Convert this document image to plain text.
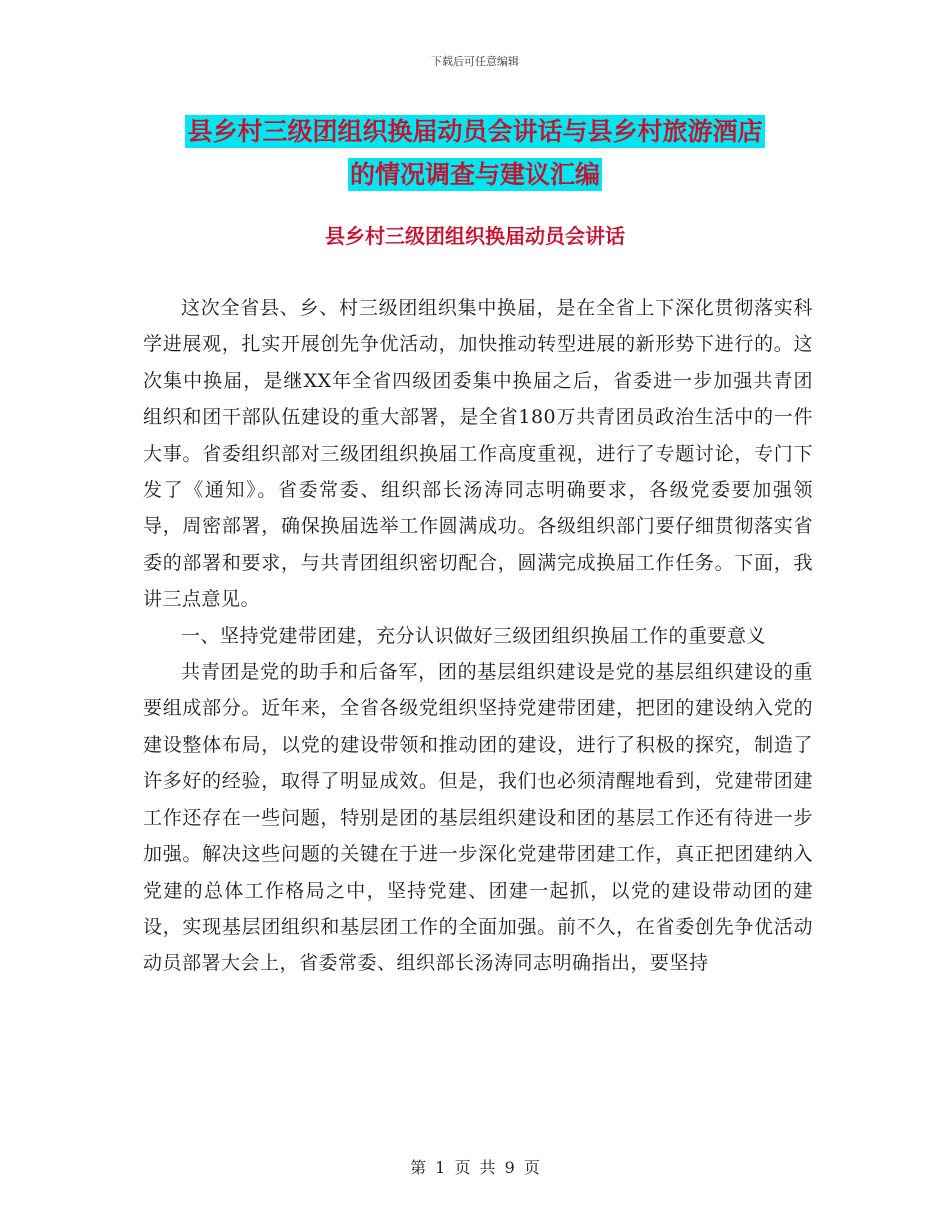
下载后可任意编辑
县乡村三级团组织换届动员会讲话与县乡村旅游酒店
的情况调查与建议汇编
县乡村三级团组织换届动员会讲话

这次全省县、乡、村三级团组织集中换届，是在全省上下深化贯彻落实科学进展观，扎实开展创先争优活动，加快推动转型进展的新形势下进行的。这次集中换届，是继XX年全省四级团委集中换届之后，省委进一步加强共青团组织和团干部队伍建设的重大部署，是全省180万共青团员政治生活中的一件大事。省委组织部对三级团组织换届工作高度重视，进行了专题讨论，专门下发了《通知》。省委常委、组织部长汤涛同志明确要求，各级党委要加强领导，周密部署，确保换届选举工作圆满成功。各级组织部门要仔细贯彻落实省委的部署和要求，与共青团组织密切配合，圆满完成换届工作任务。下面，我讲三点意见。

一、坚持党建带团建，充分认识做好三级团组织换届工作的重要意义

共青团是党的助手和后备军，团的基层组织建设是党的基层组织建设的重要组成部分。近年来，全省各级党组织坚持党建带团建，把团的建设纳入党的建设整体布局，以党的建设带领和推动团的建设，进行了积极的探究，制造了许多好的经验，取得了明显成效。但是，我们也必须清醒地看到，党建带团建工作还存在一些问题，特别是团的基层组织建设和团的基层工作还有待进一步加强。解决这些问题的关键在于进一步深化党建带团建工作，真正把团建纳入党建的总体工作格局之中，坚持党建、团建一起抓，以党的建设带动团的建设，实现基层团组织和基层团工作的全面加强。前不久，在省委创先争优活动动员部署大会上，省委常委、组织部长汤涛同志明确指出，要坚持

第 1 页 共 9 页
